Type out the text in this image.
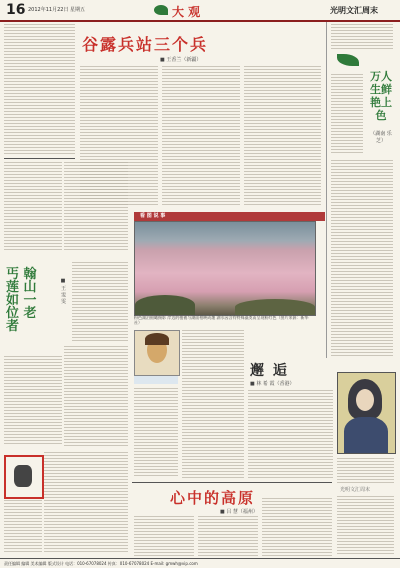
16 2012年11月22日 星期五	大 观	光明文汇周末
谷露兵站三个兵
■ 王香兰（新疆）
万人生鲜艳上色
（湖南 乐 芝）
丐 翰 莲 山 如 一 位 老 者
■ 王 雯 雯
看 图 说 事
粉色湖泊俯瞰摄影 岸边的植被与湖面相映成趣 湖水因含有特殊藻类而呈现粉红色（图片来源：新华社）
邂 逅
■ 林 希 霞（香港）
光明文汇周末
心中的高原
■ 吕 慧（福州）
责任编辑 编辑 美术编辑 版式设计 电话：010-67078024 传真：010-67078024 E-mail: gmwh@vip.com
